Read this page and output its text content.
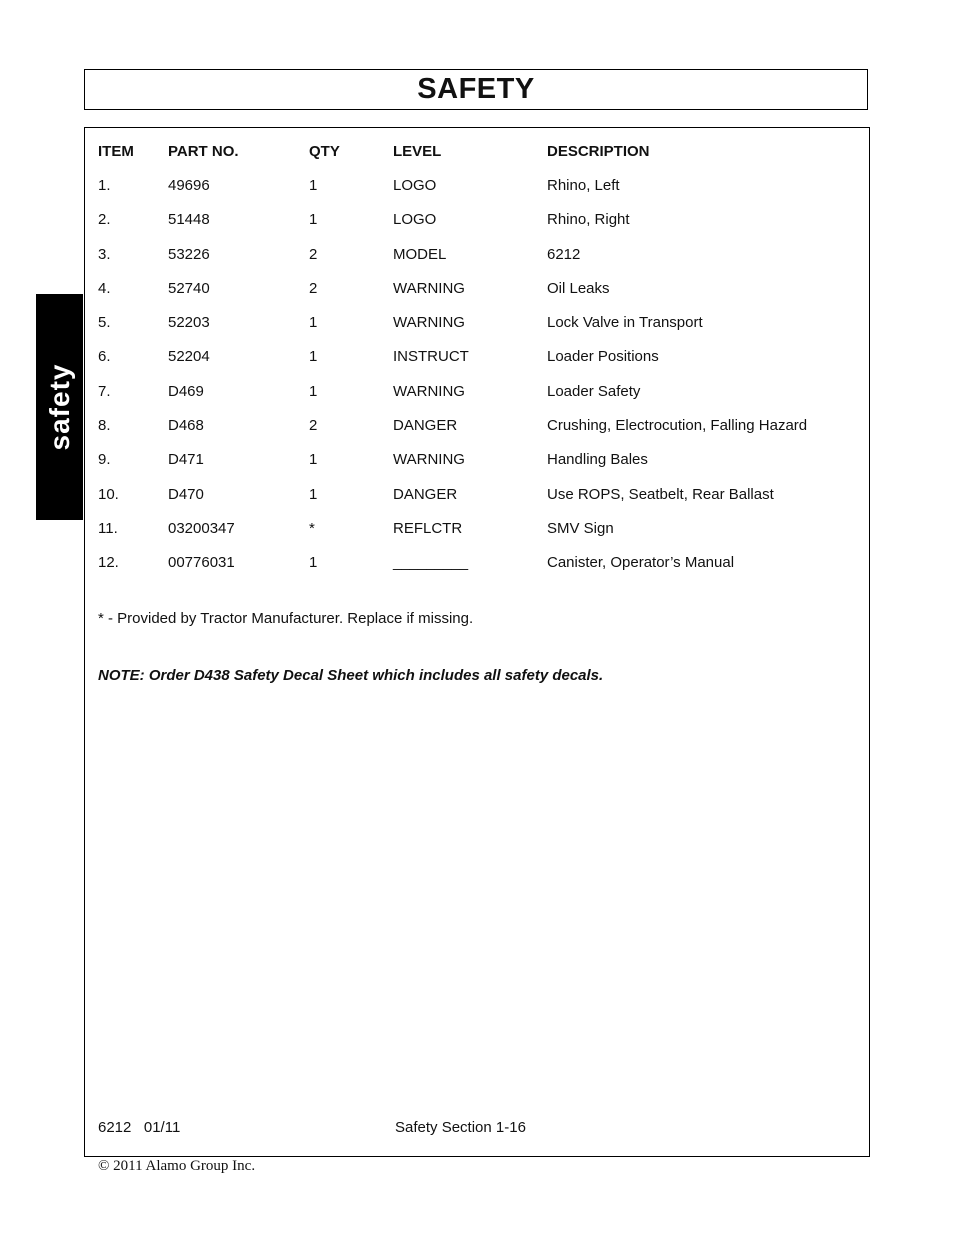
SAFETY
safety
ITEM	PART NO.	QTY	LEVEL	DESCRIPTION
1.	49696	1	LOGO	Rhino, Left
2.	51448	1	LOGO	Rhino, Right
3.	53226	2	MODEL	6212
4.	52740	2	WARNING	Oil Leaks
5.	52203	1	WARNING	Lock Valve in Transport
6.	52204	1	INSTRUCT	Loader Positions
7.	D469	1	WARNING	Loader Safety
8.	D468	2	DANGER	Crushing, Electrocution, Falling Hazard
9.	D471	1	WARNING	Handling Bales
10.	D470	1	DANGER	Use ROPS, Seatbelt, Rear Ballast
11.	03200347	*	REFLCTR	SMV Sign
12.	00776031	1	_________	Canister, Operator’s Manual
* - Provided by Tractor Manufacturer. Replace if missing.
NOTE: Order D438 Safety Decal Sheet which includes all safety decals.
6212   01/11	Safety Section 1-16
© 2011 Alamo Group Inc.
